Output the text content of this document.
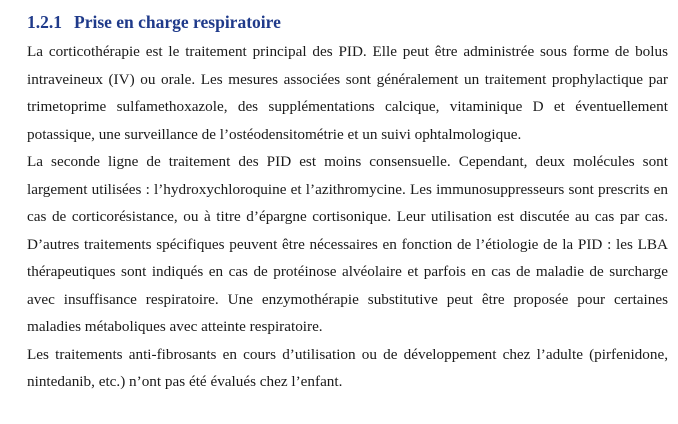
1.2.1 Prise en charge respiratoire

La corticothérapie est le traitement principal des PID. Elle peut être administrée sous forme de bolus intraveineux (IV) ou orale. Les mesures associées sont généralement un traitement prophylactique par trimetoprime sulfamethoxazole, des supplémentations calcique, vitaminique D et éventuellement potassique, une surveillance de l’ostéodensitométrie et un suivi ophtalmologique.

La seconde ligne de traitement des PID est moins consensuelle. Cependant, deux molécules sont largement utilisées : l’hydroxychloroquine et l’azithromycine. Les immunosuppresseurs sont prescrits en cas de corticorésistance, ou à titre d’épargne cortisonique. Leur utilisation est discutée au cas par cas. D’autres traitements spécifiques peuvent être nécessaires en fonction de l’étiologie de la PID : les LBA thérapeutiques sont indiqués en cas de protéinose alvéolaire et parfois en cas de maladie de surcharge avec insuffisance respiratoire. Une enzymothérapie substitutive peut être proposée pour certaines maladies métaboliques avec atteinte respiratoire.

Les traitements anti-fibrosants en cours d’utilisation ou de développement chez l’adulte (pirfenidone, nintedanib, etc.) n’ont pas été évalués chez l’enfant.
